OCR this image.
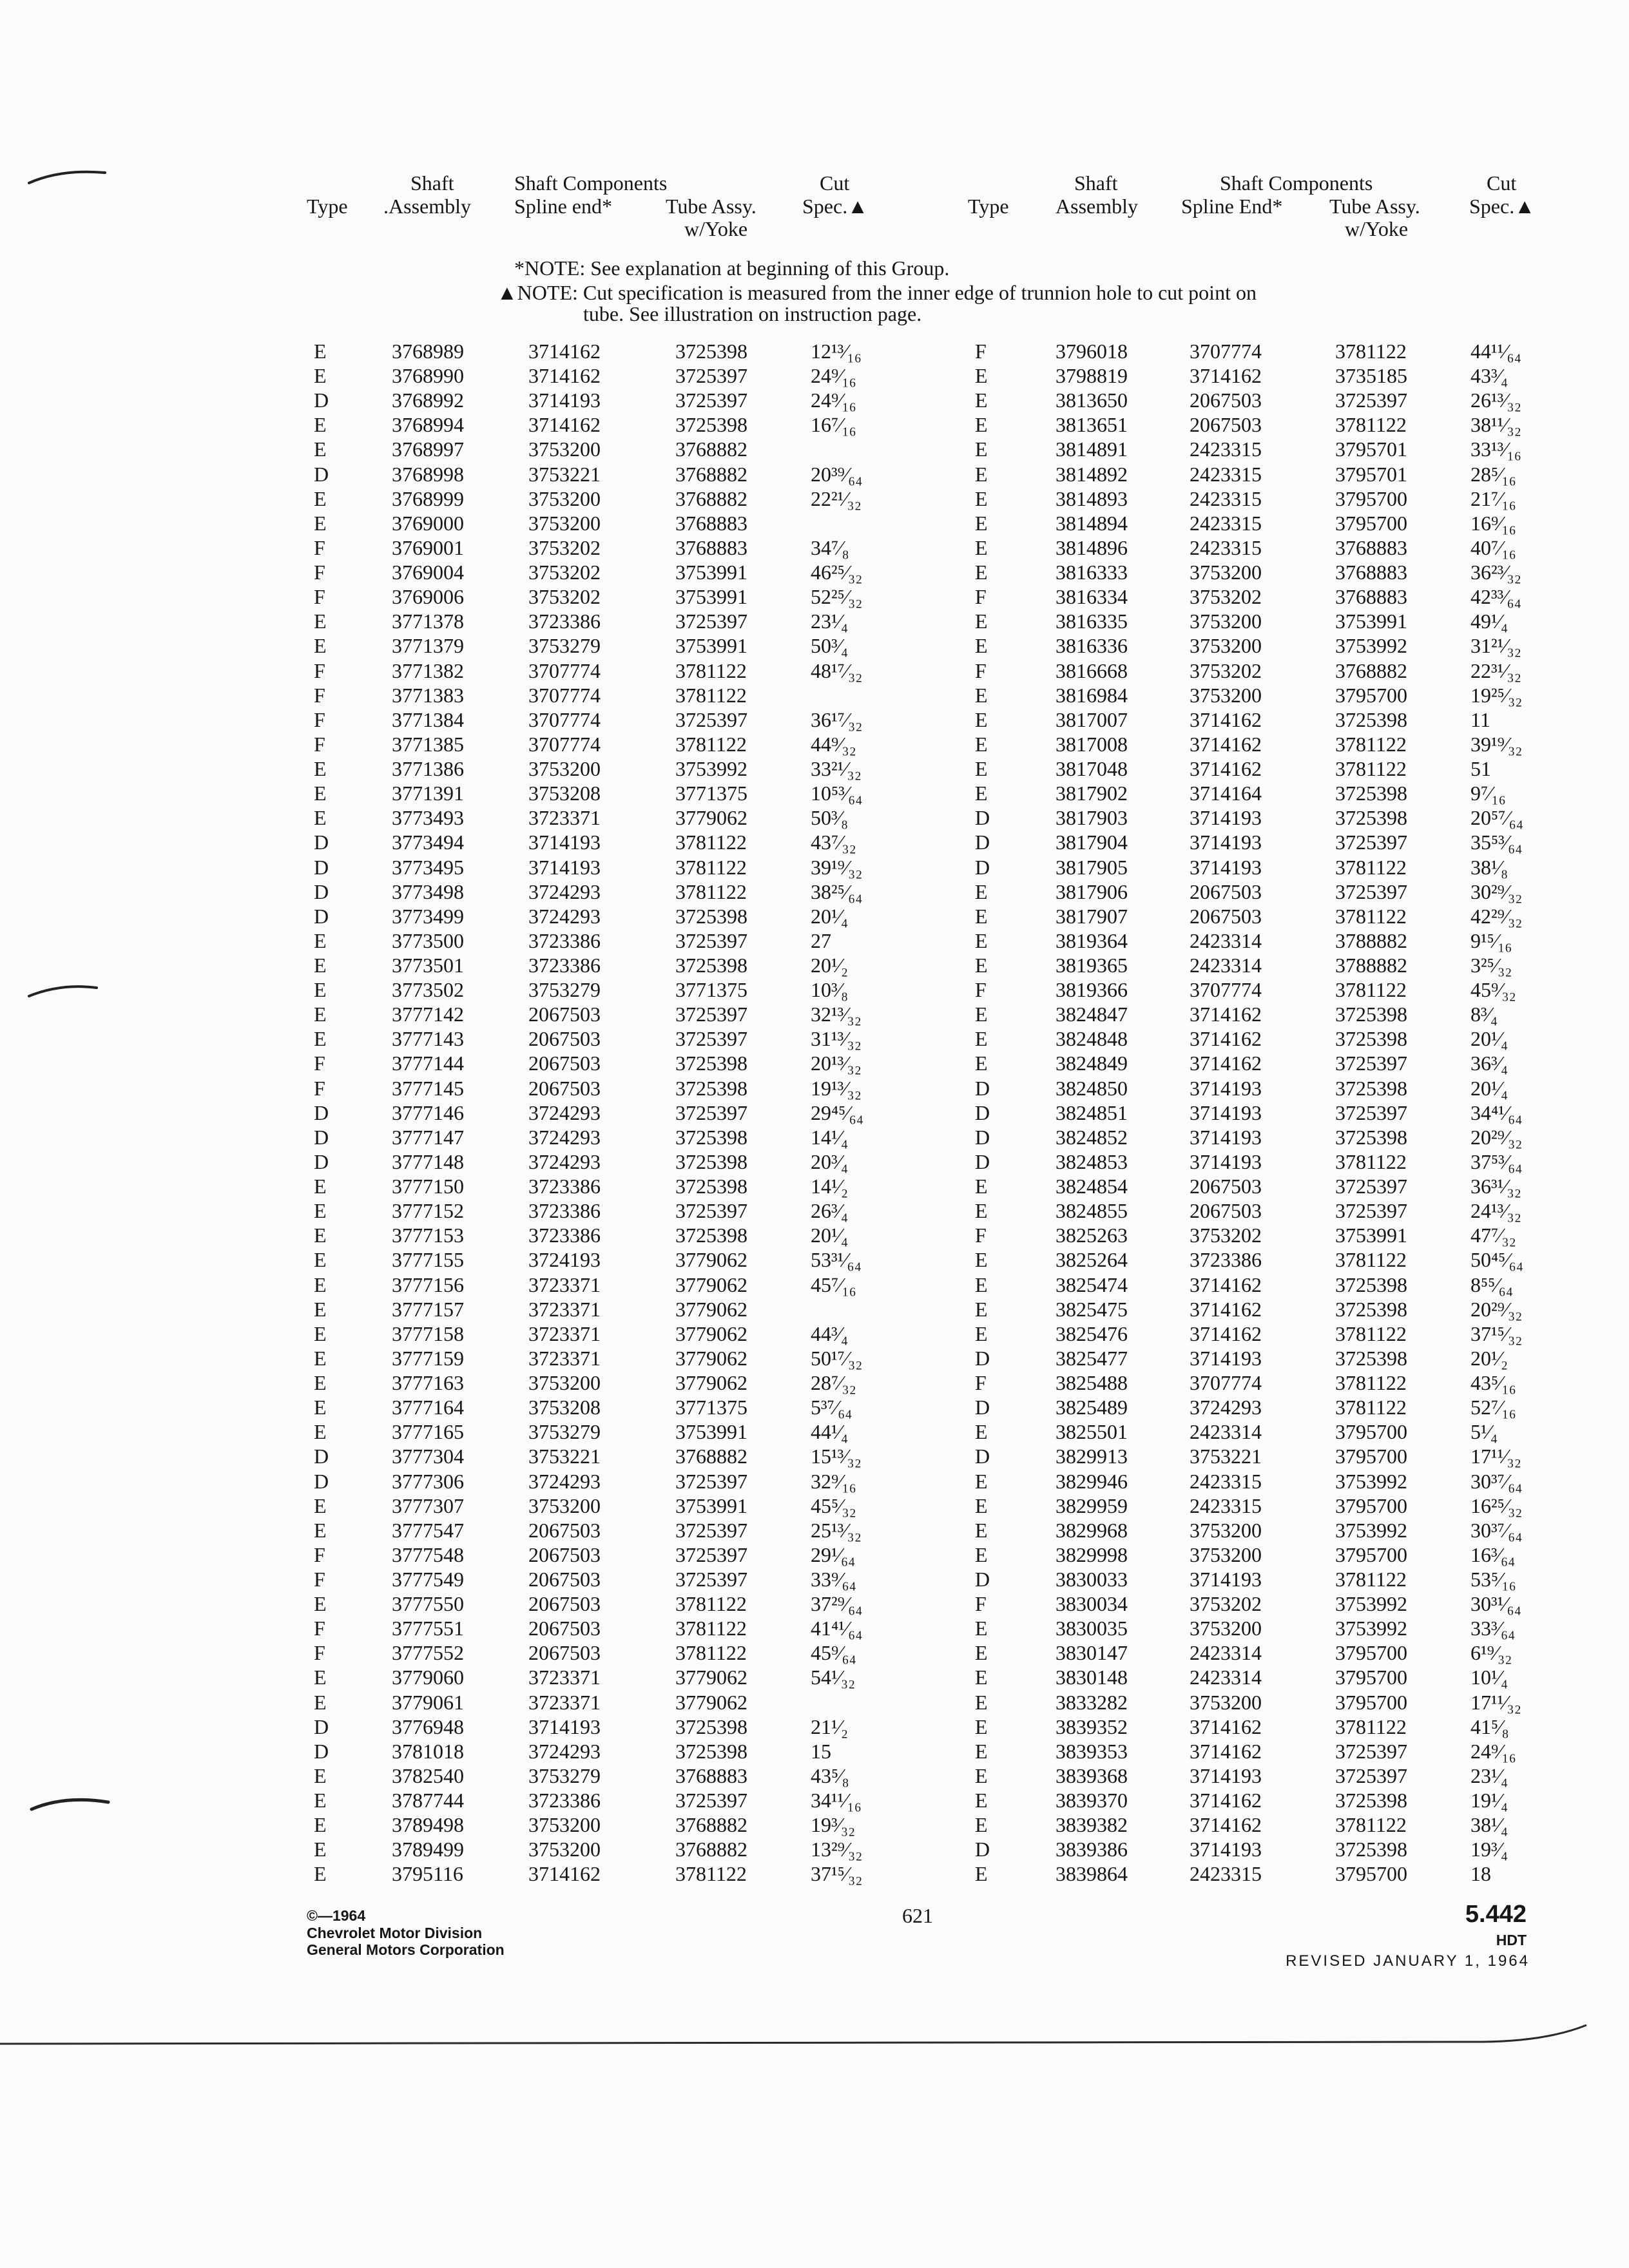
Shaft	Shaft Components	Cut
Type .Assembly Spline end*	Tube Assy. Spec.▲
w/Yoke
Shaft	Shaft Components	Cut
Type Assembly Spline End* Tube Assy. Spec.▲
w/Yoke
*NOTE: See explanation at beginning of this Group.
▲NOTE: Cut specification is measured from the inner edge of trunnion hole to cut point on
tube. See illustration on instruction page.
E	3768989	3714162	3725398	12¹³⁄₁₆
E	3768990	3714162	3725397	24⁹⁄₁₆
D	3768992	3714193	3725397	24⁹⁄₁₆
E	3768994	3714162	3725398	16⁷⁄₁₆
E	3768997	3753200	3768882
D	3768998	3753221	3768882	20³⁹⁄₆₄
E	3768999	3753200	3768882	22²¹⁄₃₂
E	3769000	3753200	3768883
F	3769001	3753202	3768883	34⁷⁄₈
F	3769004	3753202	3753991	46²⁵⁄₃₂
F	3769006	3753202	3753991	52²⁵⁄₃₂
E	3771378	3723386	3725397	23¹⁄₄
E	3771379	3753279	3753991	50³⁄₄
F	3771382	3707774	3781122	48¹⁷⁄₃₂
F	3771383	3707774	3781122
F	3771384	3707774	3725397	36¹⁷⁄₃₂
F	3771385	3707774	3781122	44⁹⁄₃₂
E	3771386	3753200	3753992	33²¹⁄₃₂
E	3771391	3753208	3771375	10⁵³⁄₆₄
E	3773493	3723371	3779062	50³⁄₈
D	3773494	3714193	3781122	43⁷⁄₃₂
D	3773495	3714193	3781122	39¹⁹⁄₃₂
D	3773498	3724293	3781122	38²⁵⁄₆₄
D	3773499	3724293	3725398	20¹⁄₄
E	3773500	3723386	3725397	27
E	3773501	3723386	3725398	20¹⁄₂
E	3773502	3753279	3771375	10³⁄₈
E	3777142	2067503	3725397	32¹³⁄₃₂
E	3777143	2067503	3725397	31¹³⁄₃₂
F	3777144	2067503	3725398	20¹³⁄₃₂
F	3777145	2067503	3725398	19¹³⁄₃₂
D	3777146	3724293	3725397	29⁴⁵⁄₆₄
D	3777147	3724293	3725398	14¹⁄₄
D	3777148	3724293	3725398	20³⁄₄
E	3777150	3723386	3725398	14¹⁄₂
E	3777152	3723386	3725397	26³⁄₄
E	3777153	3723386	3725398	20¹⁄₄
E	3777155	3724193	3779062	53³¹⁄₆₄
E	3777156	3723371	3779062	45⁷⁄₁₆
E	3777157	3723371	3779062
E	3777158	3723371	3779062	44³⁄₄
E	3777159	3723371	3779062	50¹⁷⁄₃₂
E	3777163	3753200	3779062	28⁷⁄₃₂
E	3777164	3753208	3771375	5³⁷⁄₆₄
E	3777165	3753279	3753991	44¹⁄₄
D	3777304	3753221	3768882	15¹³⁄₃₂
D	3777306	3724293	3725397	32⁹⁄₁₆
E	3777307	3753200	3753991	45⁵⁄₃₂
E	3777547	2067503	3725397	25¹³⁄₃₂
F	3777548	2067503	3725397	29¹⁄₆₄
F	3777549	2067503	3725397	33⁹⁄₆₄
E	3777550	2067503	3781122	37²⁹⁄₆₄
F	3777551	2067503	3781122	41⁴¹⁄₆₄
F	3777552	2067503	3781122	45⁹⁄₆₄
E	3779060	3723371	3779062	54¹⁄₃₂
E	3779061	3723371	3779062
D	3776948	3714193	3725398	21¹⁄₂
D	3781018	3724293	3725398	15
E	3782540	3753279	3768883	43⁵⁄₈
E	3787744	3723386	3725397	34¹¹⁄₁₆
E	3789498	3753200	3768882	19³⁄₃₂
E	3789499	3753200	3768882	13²⁹⁄₃₂
E	3795116	3714162	3781122	37¹⁵⁄₃₂
F	3796018	3707774	3781122	44¹¹⁄₆₄
E	3798819	3714162	3735185	43³⁄₄
E	3813650	2067503	3725397	26¹³⁄₃₂
E	3813651	2067503	3781122	38¹¹⁄₃₂
E	3814891	2423315	3795701	33¹³⁄₁₆
E	3814892	2423315	3795701	28⁵⁄₁₆
E	3814893	2423315	3795700	21⁷⁄₁₆
E	3814894	2423315	3795700	16⁹⁄₁₆
E	3814896	2423315	3768883	40⁷⁄₁₆
E	3816333	3753200	3768883	36²³⁄₃₂
F	3816334	3753202	3768883	42³³⁄₆₄
E	3816335	3753200	3753991	49¹⁄₄
E	3816336	3753200	3753992	31²¹⁄₃₂
F	3816668	3753202	3768882	22³¹⁄₃₂
E	3816984	3753200	3795700	19²⁵⁄₃₂
E	3817007	3714162	3725398	11
E	3817008	3714162	3781122	39¹⁹⁄₃₂
E	3817048	3714162	3781122	51
E	3817902	3714164	3725398	9⁷⁄₁₆
D	3817903	3714193	3725398	20⁵⁷⁄₆₄
D	3817904	3714193	3725397	35⁵³⁄₆₄
D	3817905	3714193	3781122	38¹⁄₈
E	3817906	2067503	3725397	30²⁹⁄₃₂
E	3817907	2067503	3781122	42²⁹⁄₃₂
E	3819364	2423314	3788882	9¹⁵⁄₁₆
E	3819365	2423314	3788882	3²⁵⁄₃₂
F	3819366	3707774	3781122	45⁹⁄₃₂
E	3824847	3714162	3725398	8³⁄₄
E	3824848	3714162	3725398	20¹⁄₄
E	3824849	3714162	3725397	36³⁄₄
D	3824850	3714193	3725398	20¹⁄₄
D	3824851	3714193	3725397	34⁴¹⁄₆₄
D	3824852	3714193	3725398	20²⁹⁄₃₂
D	3824853	3714193	3781122	37⁵³⁄₆₄
E	3824854	2067503	3725397	36³¹⁄₃₂
E	3824855	2067503	3725397	24¹³⁄₃₂
F	3825263	3753202	3753991	47⁷⁄₃₂
E	3825264	3723386	3781122	50⁴⁵⁄₆₄
E	3825474	3714162	3725398	8⁵⁵⁄₆₄
E	3825475	3714162	3725398	20²⁹⁄₃₂
E	3825476	3714162	3781122	37¹⁵⁄₃₂
D	3825477	3714193	3725398	20¹⁄₂
F	3825488	3707774	3781122	43⁵⁄₁₆
D	3825489	3724293	3781122	52⁷⁄₁₆
E	3825501	2423314	3795700	5¹⁄₄
D	3829913	3753221	3795700	17¹¹⁄₃₂
E	3829946	2423315	3753992	30³⁷⁄₆₄
E	3829959	2423315	3795700	16²⁵⁄₃₂
E	3829968	3753200	3753992	30³⁷⁄₆₄
E	3829998	3753200	3795700	16³⁄₆₄
D	3830033	3714193	3781122	53⁵⁄₁₆
F	3830034	3753202	3753992	30³¹⁄₆₄
E	3830035	3753200	3753992	33³⁄₆₄
E	3830147	2423314	3795700	6¹⁹⁄₃₂
E	3830148	2423314	3795700	10¹⁄₄
E	3833282	3753200	3795700	17¹¹⁄₃₂
E	3839352	3714162	3781122	41⁵⁄₈
E	3839353	3714162	3725397	24⁹⁄₁₆
E	3839368	3714193	3725397	23¹⁄₄
E	3839370	3714162	3725398	19¹⁄₄
E	3839382	3714162	3781122	38¹⁄₄
D	3839386	3714193	3725398	19³⁄₄
E	3839864	2423315	3795700	18
©—1964
Chevrolet Motor Division
General Motors Corporation
621	5.442
HDT
REVISED JANUARY 1, 1964
